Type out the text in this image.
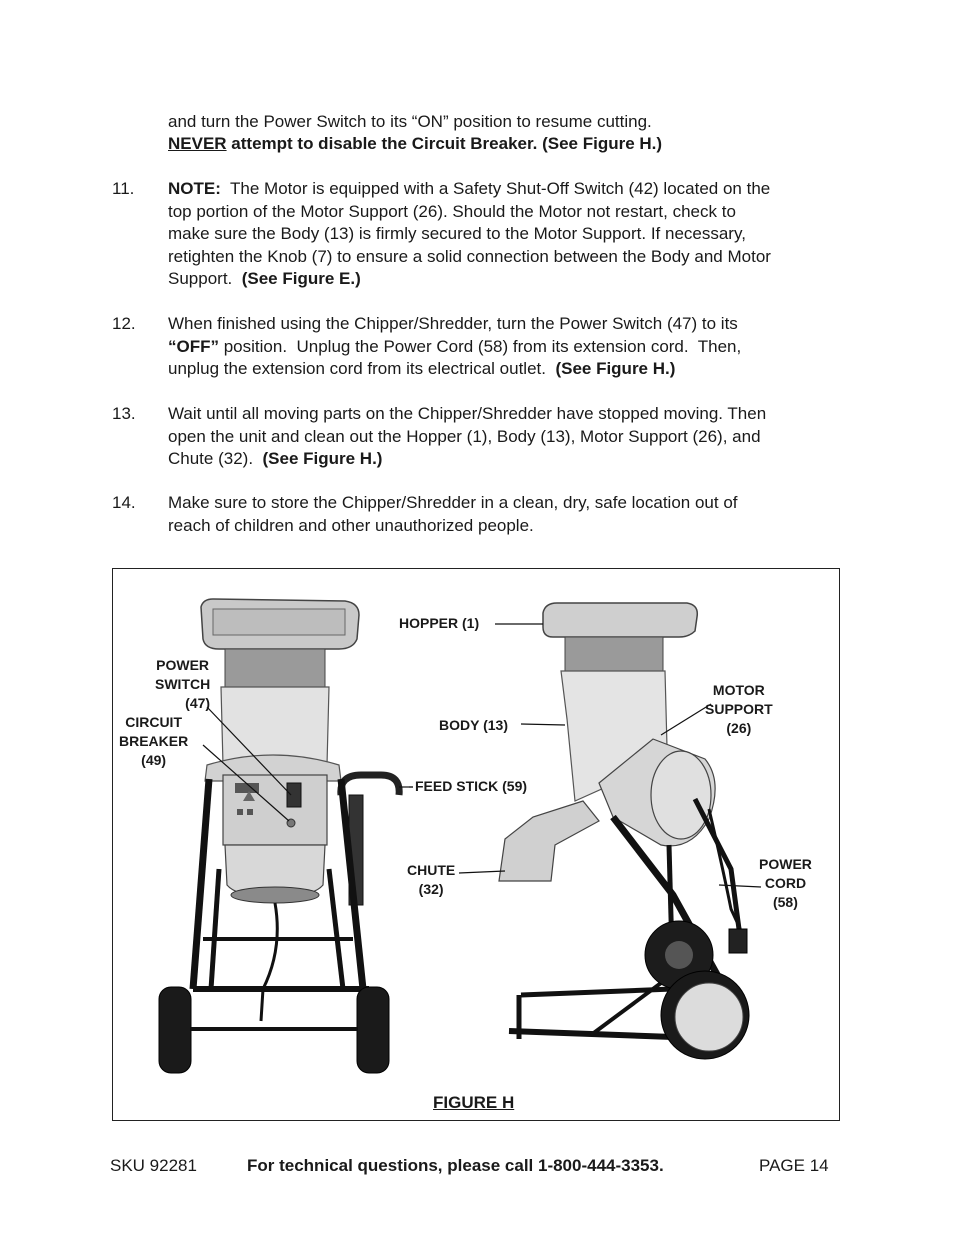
and turn the Power Switch to its “ON” position to resume cutting.
NEVER attempt to disable the Circuit Breaker. (See Figure H.)
11. NOTE:  The Motor is equipped with a Safety Shut-Off Switch (42) located on the
top portion of the Motor Support (26). Should the Motor not restart, check to
make sure the Body (13) is firmly secured to the Motor Support. If necessary,
retighten the Knob (7) to ensure a solid connection between the Body and Motor
Support.  (See Figure E.)
12. When finished using the Chipper/Shredder, turn the Power Switch (47) to its
“OFF” position.  Unplug the Power Cord (58) from its extension cord.  Then,
unplug the extension cord from its electrical outlet.  (See Figure H.)
13. Wait until all moving parts on the Chipper/Shredder have stopped moving. Then
open the unit and clean out the Hopper (1), Body (13), Motor Support (26), and
Chute (32).  (See Figure H.)
14. Make sure to store the Chipper/Shredder in a clean, dry, safe location out of
reach of children and other unauthorized people.
POWER
SWITCH
(47)
CIRCUIT
BREAKER
(49)
HOPPER (1)
BODY (13)
FEED STICK (59)
CHUTE
(32)
MOTOR
SUPPORT
(26)
POWER
CORD
(58)
FIGURE H
SKU 92281	For technical questions, please call 1-800-444-3353.	PAGE 14
